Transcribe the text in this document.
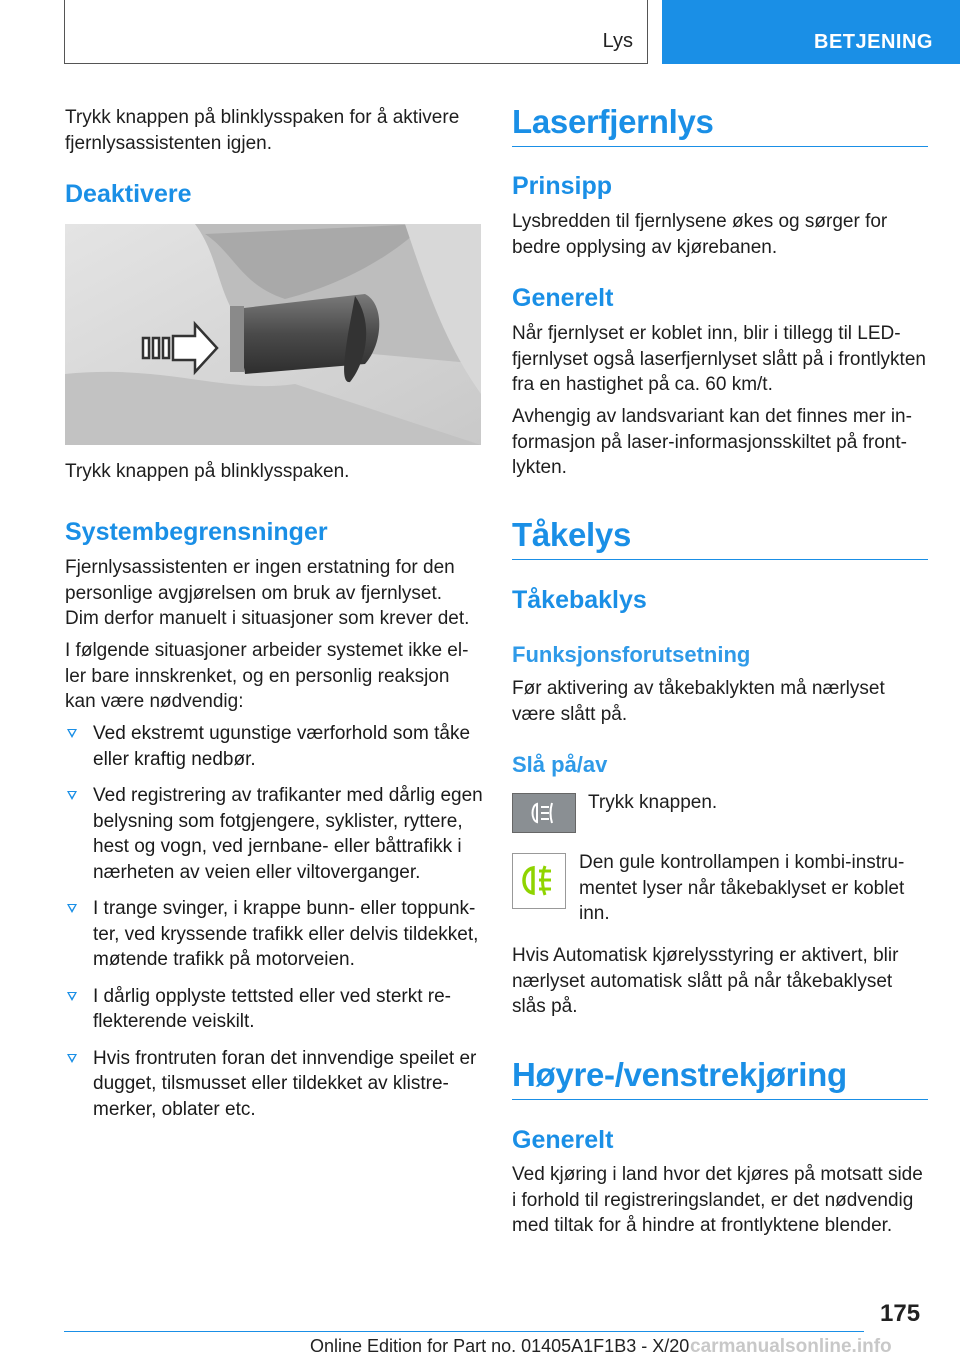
Lys	BETJENING

Trykk knappen på blinklysspaken for å aktivere fjernlysassistenten igjen.

Deaktivere

Trykk knappen på blinklysspaken.

Systembegrensninger

Fjernlysassistenten er ingen erstatning for den personlige avgjørelsen om bruk av fjernlyset. Dim derfor manuelt i situasjoner som krever det.

I følgende situasjoner arbeider systemet ikke eller bare innskrenket, og en personlig reaksjon kan være nødvendig:

Ved ekstremt ugunstige værforhold som tåke eller kraftig nedbør.
Ved registrering av trafikanter med dårlig egen belysning som fotgjengere, syklister, ryttere, hest og vogn, ved jernbane- eller båttrafikk i nærheten av veien eller viltoverganger.
I trange svinger, i krappe bunn- eller toppunkter, ved kryssende trafikk eller delvis tildekket, møtende trafikk på motorveien.
I dårlig opplyste tettsted eller ved sterkt reflekterende veiskilt.
Hvis frontruten foran det innvendige speilet er dugget, tilsmusset eller tildekket av klistremerker, oblater etc.
Laserfjernlys
Prinsipp

Lysbredden til fjernlysene økes og sørger for bedre opplysing av kjørebanen.

Generelt

Når fjernlyset er koblet inn, blir i tillegg til LED-fjernlyset også laserfjernlyset slått på i frontlykten fra en hastighet på ca. 60 km/t.

Avhengig av landsvariant kan det finnes mer informasjon på laser-informasjonsskiltet på frontlykten.

Tåkelys
Tåkebaklys
Funksjonsforutsetning

Før aktivering av tåkebaklykten må nærlyset være slått på.

Slå på/av

Trykk knappen.

Den gule kontrollampen i kombi-instrumentet lyser når tåkebaklyset er koblet inn.

Hvis Automatisk kjørelysstyring er aktivert, blir nærlyset automatisk slått på når tåkebaklyset slås på.

Høyre-/venstrekjøring
Generelt

Ved kjøring i land hvor det kjøres på motsatt side i forhold til registreringslandet, er det nødvendig med tiltak for å hindre at frontlyktene blender.

175
Online Edition for Part no. 01405A1F1B3 - X/20 carmanualsonline.info
